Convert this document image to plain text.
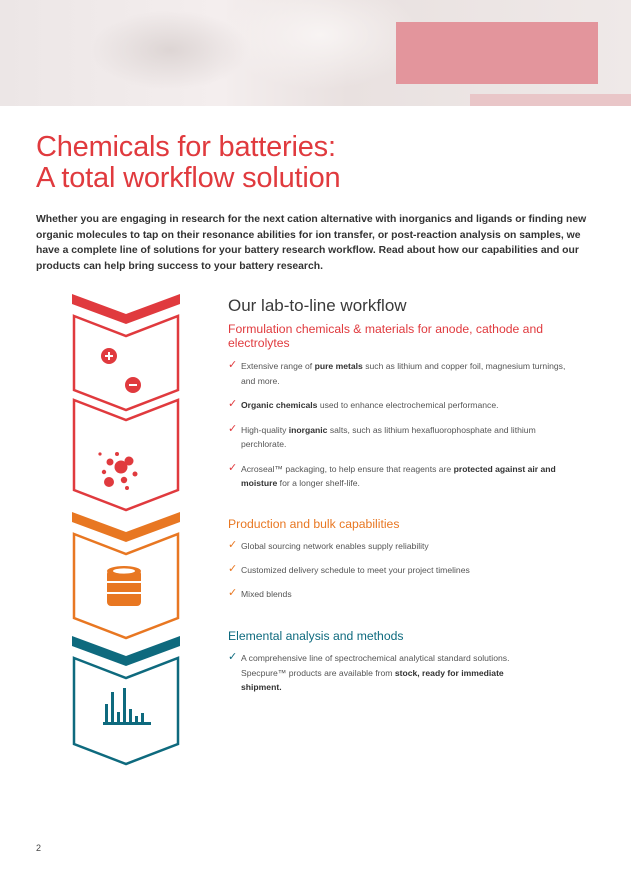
Chemicals for batteries:
A total workflow solution

Whether you are engaging in research for the next cation alternative with inorganics and ligands or finding new organic molecules to tap on their resonance abilities for ion transfer, or post-reaction analysis on samples, we have a complete line of solutions for your battery research workflow. Read about how our capabilities and our products can help bring success to your battery research.

Our lab-to-line workflow
Formulation chemicals & materials for anode, cathode and electrolytes
✓ Extensive range of pure metals such as lithium and copper foil, magnesium turnings, and more.
✓ Organic chemicals used to enhance electrochemical performance.
✓ High-quality inorganic salts, such as lithium hexafluorophosphate and lithium perchlorate.
✓ Acroseal™ packaging, to help ensure that reagents are protected against air and moisture for a longer shelf-life.
Production and bulk capabilities
✓ Global sourcing network enables supply reliability
✓ Customized delivery schedule to meet your project timelines
✓ Mixed blends
Elemental analysis and methods
✓ A comprehensive line of spectrochemical analytical standard solutions. Specpure™ products are available from stock, ready for immediate shipment.
2
